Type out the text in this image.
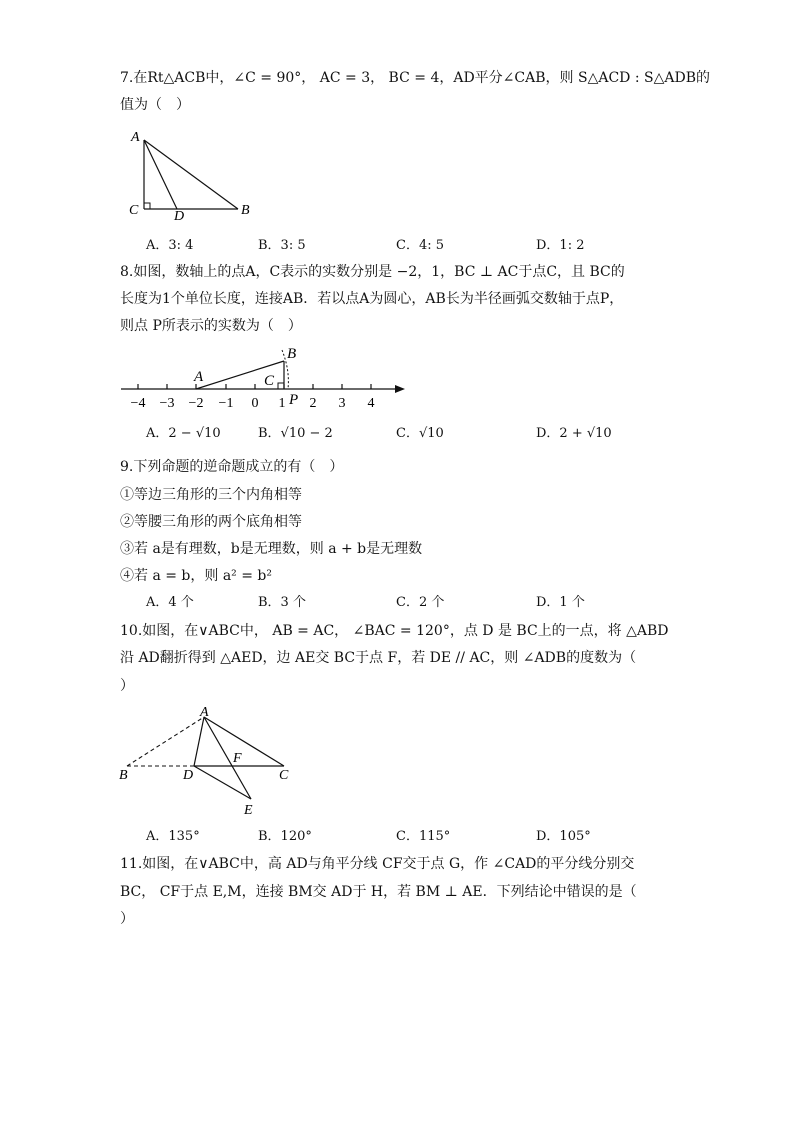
7.在Rt△ACB中，∠C = 90°， AC = 3， BC = 4，AD平分∠CAB，则 S△ACD : S△ADB的
值为（　）
A
B
C	D
A．3: 4	B．3: 5	C．4: 5	D．1: 2
8.如图，数轴上的点A，C表示的实数分别是 −2，1，BC ⊥ AC于点C，且 BC的
长度为1个单位长度，连接AB．若以点A为圆心，AB长为半径画弧交数轴于点P，
则点 P所表示的实数为（　）
A
B
C
P
−4 −3 −2 −1 0 1 2 3 4
A．2 − √10	B．√10 − 2	C．√10	D．2 + √10
9.下列命题的逆命题成立的有（　）
①等边三角形的三个内角相等
②等腰三角形的两个底角相等
③若 a是有理数，b是无理数，则 a + b是无理数
④若 a = b，则 a² = b²
A．4 个	B．3 个	C．2 个	D．1 个
10.如图，在∨ABC中， AB = AC， ∠BAC = 120°，点 D 是 BC上的一点，将 △ABD
沿 AD翻折得到 △AED，边 AE交 BC于点 F，若 DE // AC，则 ∠ADB的度数为（
）
A
B	C
D
E
F
A．135°	B．120°	C．115°	D．105°
11.如图，在∨ABC中，高 AD与角平分线 CF交于点 G，作 ∠CAD的平分线分别交
BC， CF于点 E,M，连接 BM交 AD于 H，若 BM ⊥ AE．下列结论中错误的是（
）
